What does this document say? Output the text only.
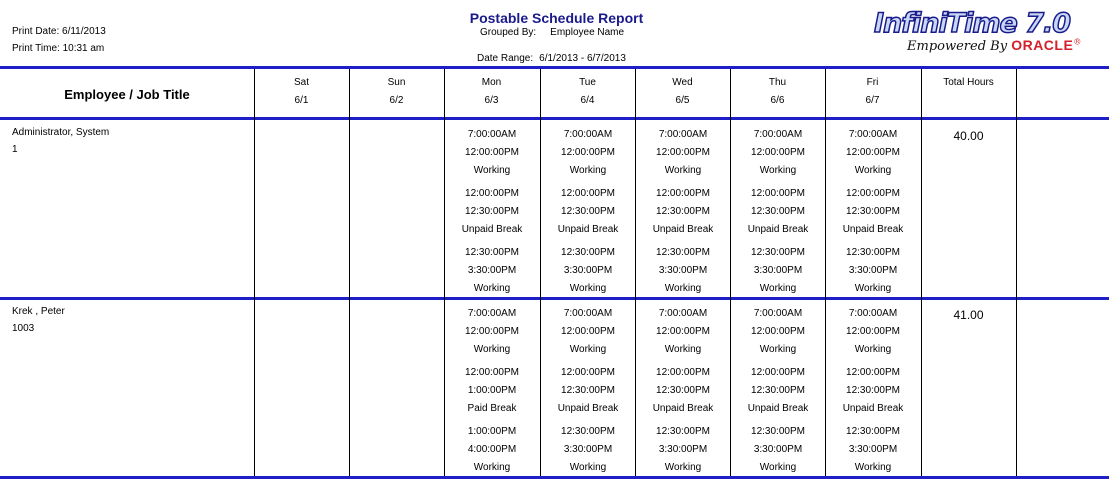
Print Date: 6/11/2013
Print Time: 10:31 am
Postable Schedule Report
Grouped By: Employee Name
Date Range: 6/1/2013 - 6/7/2013
InfiniTime 7.0
Empowered By ORACLE®
Employee / Job Title
Sat
6/1
Sun
6/2
Mon
6/3
Tue
6/4
Wed
6/5
Thu
6/6
Fri
6/7
Total Hours
Administrator, System
1
40.00
7:00:00AM
12:00:00PM
Working
12:00:00PM
12:30:00PM
Unpaid Break
12:30:00PM
3:30:00PM
Working
7:00:00AM
12:00:00PM
Working
12:00:00PM
12:30:00PM
Unpaid Break
12:30:00PM
3:30:00PM
Working
7:00:00AM
12:00:00PM
Working
12:00:00PM
12:30:00PM
Unpaid Break
12:30:00PM
3:30:00PM
Working
7:00:00AM
12:00:00PM
Working
12:00:00PM
12:30:00PM
Unpaid Break
12:30:00PM
3:30:00PM
Working
7:00:00AM
12:00:00PM
Working
12:00:00PM
12:30:00PM
Unpaid Break
12:30:00PM
3:30:00PM
Working
Krek , Peter
1003
41.00
7:00:00AM
12:00:00PM
Working
12:00:00PM
1:00:00PM
Paid Break
1:00:00PM
4:00:00PM
Working
7:00:00AM
12:00:00PM
Working
12:00:00PM
12:30:00PM
Unpaid Break
12:30:00PM
3:30:00PM
Working
7:00:00AM
12:00:00PM
Working
12:00:00PM
12:30:00PM
Unpaid Break
12:30:00PM
3:30:00PM
Working
7:00:00AM
12:00:00PM
Working
12:00:00PM
12:30:00PM
Unpaid Break
12:30:00PM
3:30:00PM
Working
7:00:00AM
12:00:00PM
Working
12:00:00PM
12:30:00PM
Unpaid Break
12:30:00PM
3:30:00PM
Working
